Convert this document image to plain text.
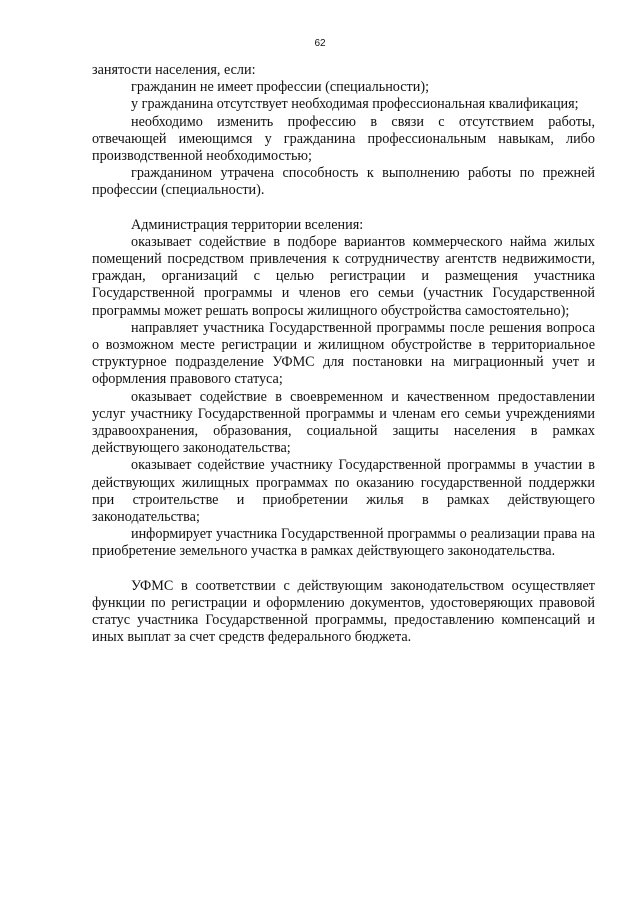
62

занятости населения, если:

гражданин не имеет профессии (специальности);

у гражданина отсутствует необходимая профессиональная квалификация;

необходимо изменить профессию в связи с отсутствием работы, отвечающей имеющимся у гражданина профессиональным навыкам, либо производственной необходимостью;

гражданином утрачена способность к выполнению работы по прежней профессии (специальности).

Администрация территории вселения:

оказывает содействие в подборе вариантов коммерческого найма жилых помещений посредством привлечения к сотрудничеству агентств недвижимости, граждан, организаций с целью регистрации и размещения участника Государственной программы и членов его семьи (участник Государственной программы может решать вопросы жилищного обустройства самостоятельно);

направляет участника Государственной программы после решения вопроса о возможном месте регистрации и жилищном обустройстве в территориальное структурное подразделение УФМС для постановки на миграционный учет и оформления правового статуса;

оказывает содействие в своевременном и качественном предоставлении услуг участнику Государственной программы и членам его семьи учреждениями здравоохранения, образования, социальной защиты населения в рамках действующего законодательства;

оказывает содействие участнику Государственной программы в участии в действующих жилищных программах по оказанию государственной поддержки при строительстве и приобретении жилья в рамках действующего законодательства;

информирует участника Государственной программы о реализации права на приобретение земельного участка в рамках действующего законодательства.

УФМС в соответствии с действующим законодательством осуществляет функции по регистрации и оформлению документов, удостоверяющих правовой статус участника Государственной программы, предоставлению компенсаций и иных выплат за счет средств федерального бюджета.
